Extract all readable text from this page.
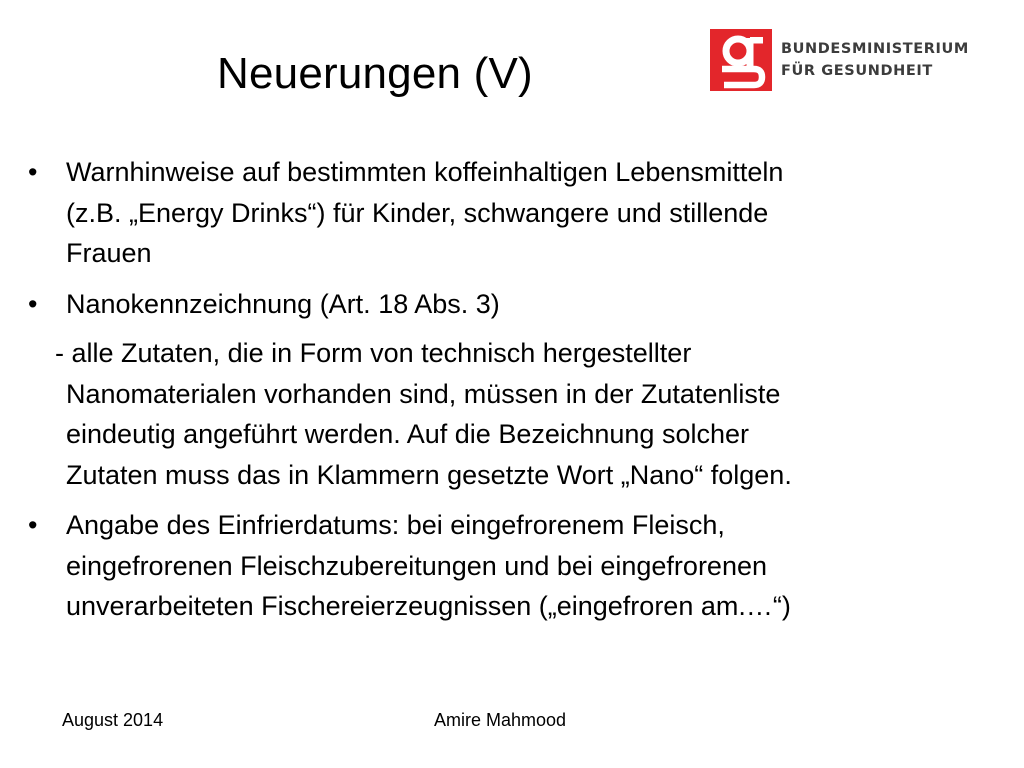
Neuerungen (V)	BUNDESMINISTERIUM
FÜR GESUNDHEIT
•	Warnhinweise auf bestimmten koffeinhaltigen Lebensmitteln
(z.B. „Energy Drinks“) für Kinder, schwangere und stillende
Frauen
•	Nanokennzeichnung (Art. 18 Abs. 3)
- alle Zutaten, die in Form von technisch hergestellter
Nanomaterialen vorhanden sind, müssen in der Zutatenliste
eindeutig angeführt werden. Auf die Bezeichnung solcher
Zutaten muss das in Klammern gesetzte Wort „Nano“ folgen.
•	Angabe des Einfrierdatums: bei eingefrorenem Fleisch,
eingefrorenen Fleischzubereitungen und bei eingefrorenen
unverarbeiteten Fischereierzeugnissen („eingefroren am.…“)
August 2014	Amire Mahmood
